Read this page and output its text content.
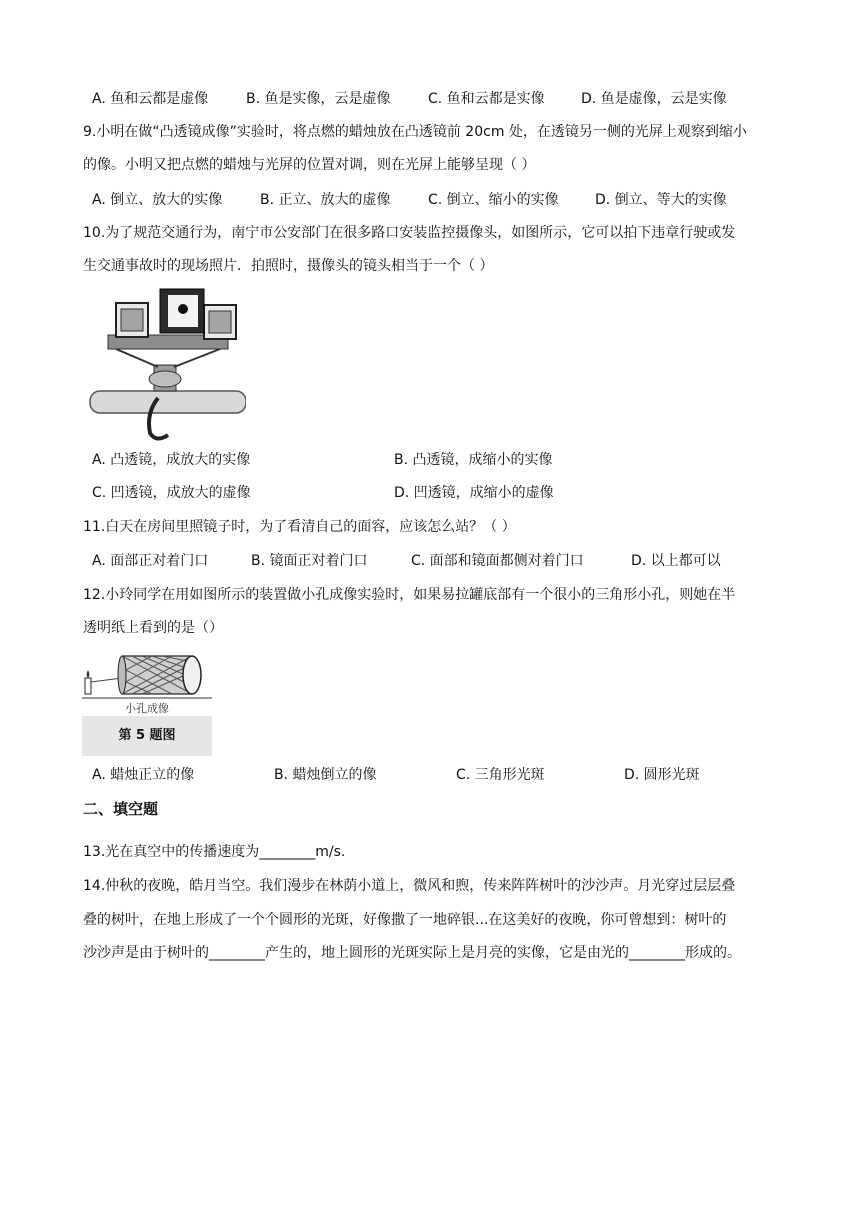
A. 鱼和云都是虚像	B. 鱼是实像，云是虚像	C. 鱼和云都是实像	D. 鱼是虚像，云是实像
9.小明在做“凸透镜成像”实验时，将点燃的蜡烛放在凸透镜前 20cm 处，在透镜另一侧的光屏上观察到缩小
的像。小明又把点燃的蜡烛与光屏的位置对调，则在光屏上能够呈现（ ）
A. 倒立、放大的实像	B. 正立、放大的虚像	C. 倒立、缩小的实像	D. 倒立、等大的实像
10.为了规范交通行为，南宁市公安部门在很多路口安装监控摄像头，如图所示，它可以拍下违章行驶或发
生交通事故时的现场照片．拍照时，摄像头的镜头相当于一个（ ）
A. 凸透镜，成放大的实像	B. 凸透镜，成缩小的实像
C. 凹透镜，成放大的虚像	D. 凹透镜，成缩小的虚像
11.白天在房间里照镜子时，为了看清自己的面容，应该怎么站？（ ）
A. 面部正对着门口	B. 镜面正对着门口	C. 面部和镜面都侧对着门口	D. 以上都可以
12.小玲同学在用如图所示的装置做小孔成像实验时，如果易拉罐底部有一个很小的三角形小孔，则她在半
透明纸上看到的是（）
小孔成像
第 5 题图
A. 蜡烛正立的像	B. 蜡烛倒立的像	C. 三角形光斑	D. 圆形光斑
二、填空题
13.光在真空中的传播速度为________m/s.
14.仲秋的夜晚，皓月当空。我们漫步在林荫小道上，微风和煦，传来阵阵树叶的沙沙声。月光穿过层层叠
叠的树叶，在地上形成了一个个圆形的光斑，好像撒了一地碎银...在这美好的夜晚，你可曾想到：树叶的
沙沙声是由于树叶的________产生的，地上圆形的光斑实际上是月亮的实像，它是由光的________形成的。
